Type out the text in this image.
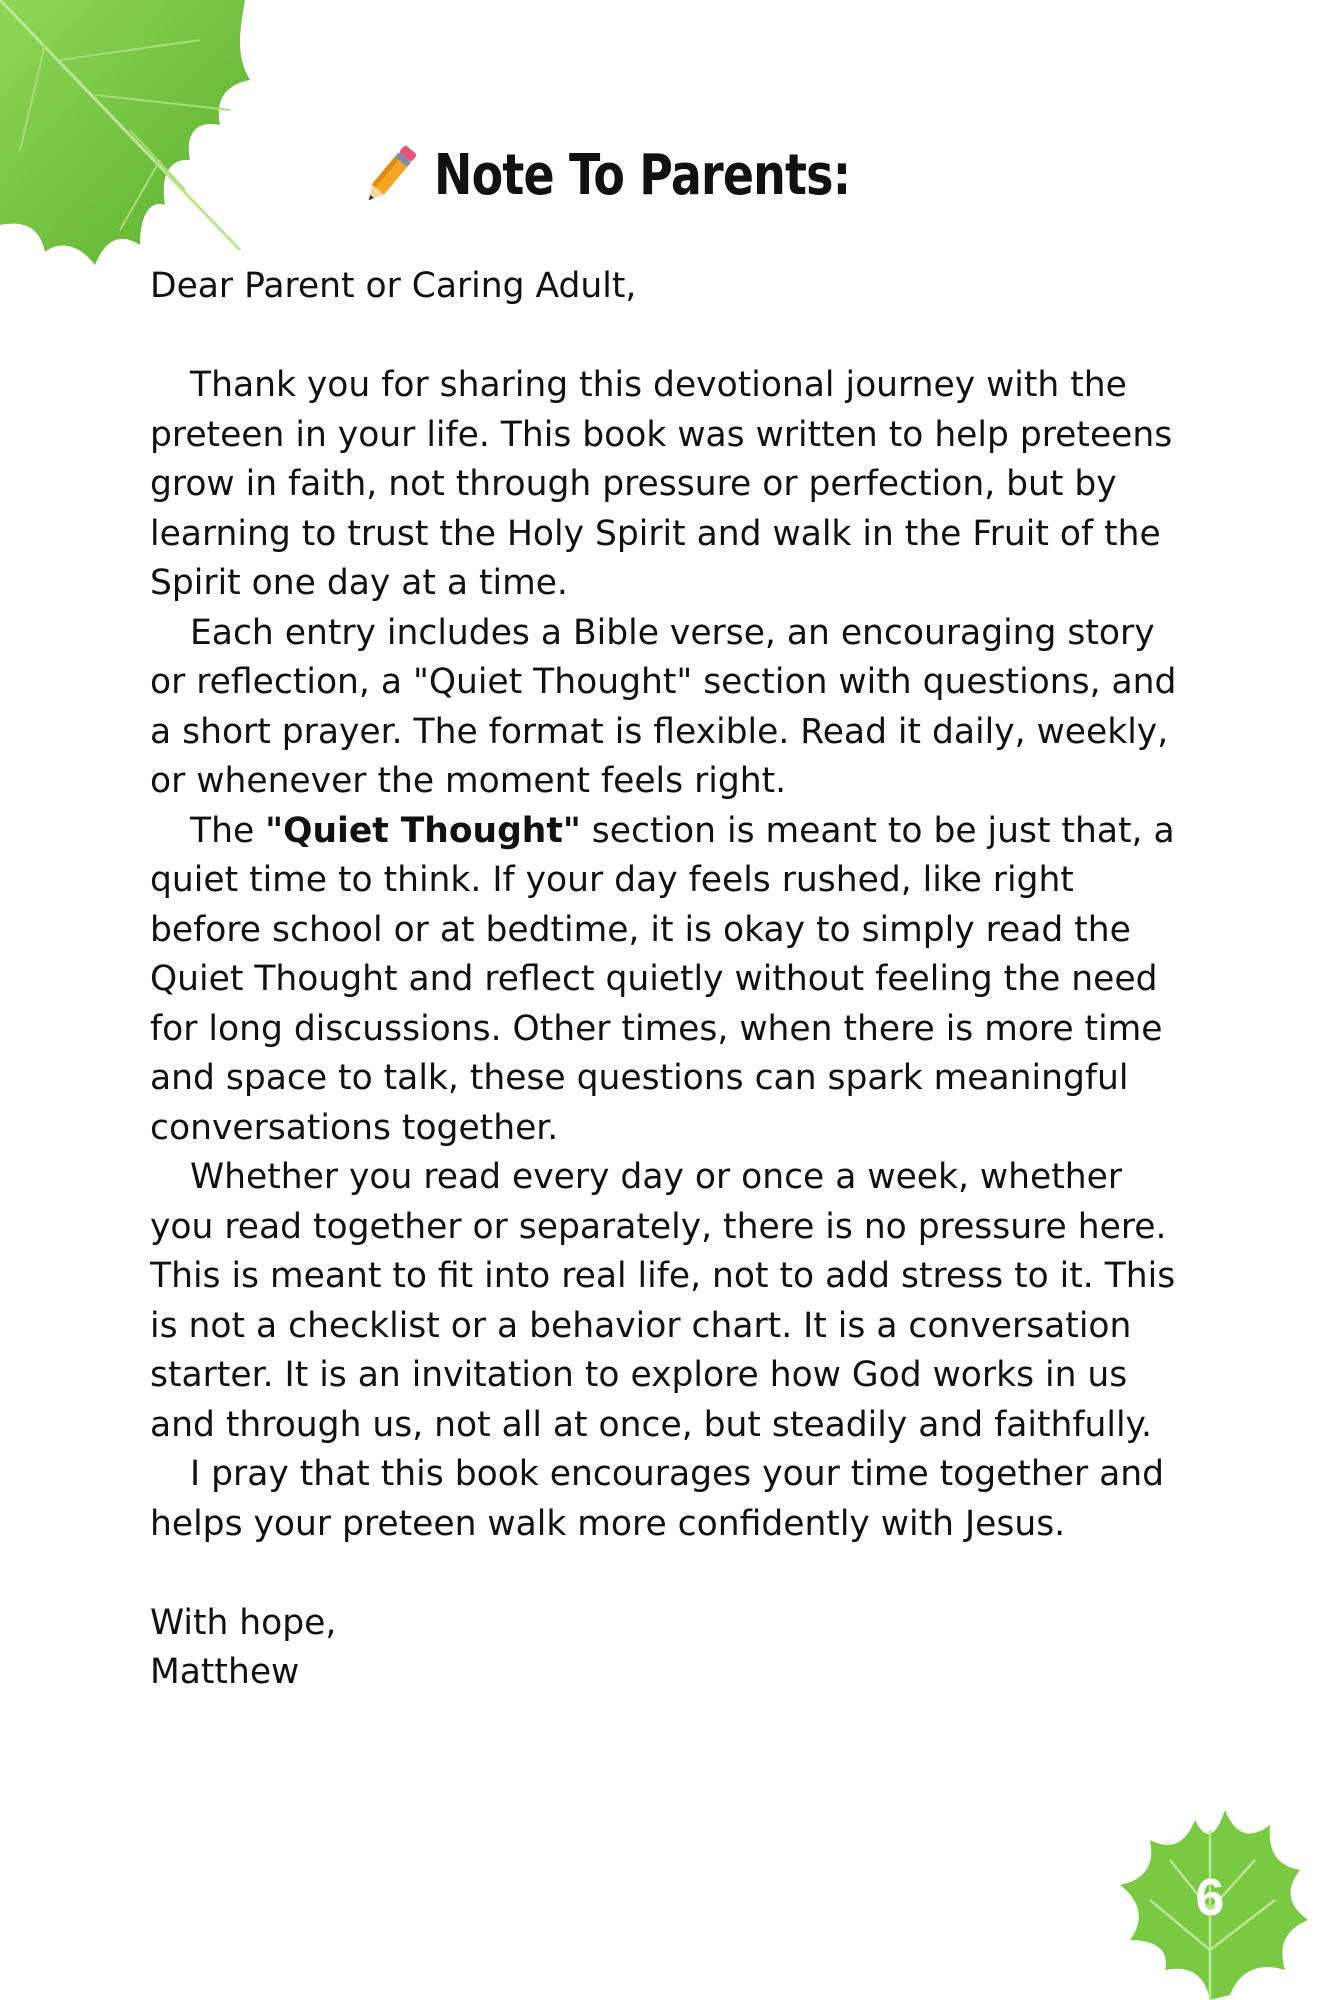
Note To Parents:

Dear Parent or Caring Adult,

Thank you for sharing this devotional journey with the preteen in your life. This book was written to help preteens grow in faith, not through pressure or perfection, but by learning to trust the Holy Spirit and walk in the Fruit of the Spirit one day at a time.

Each entry includes a Bible verse, an encouraging story or reflection, a "Quiet Thought" section with questions, and a short prayer. The format is flexible. Read it daily, weekly, or whenever the moment feels right.

The "Quiet Thought" section is meant to be just that, a quiet time to think. If your day feels rushed, like right before school or at bedtime, it is okay to simply read the Quiet Thought and reflect quietly without feeling the need for long discussions. Other times, when there is more time and space to talk, these questions can spark meaningful conversations together.

Whether you read every day or once a week, whether you read together or separately, there is no pressure here. This is meant to fit into real life, not to add stress to it. This is not a checklist or a behavior chart. It is a conversation starter. It is an invitation to explore how God works in us and through us, not all at once, but steadily and faithfully.

I pray that this book encourages your time together and helps your preteen walk more confidently with Jesus.

With hope,

Matthew

6
